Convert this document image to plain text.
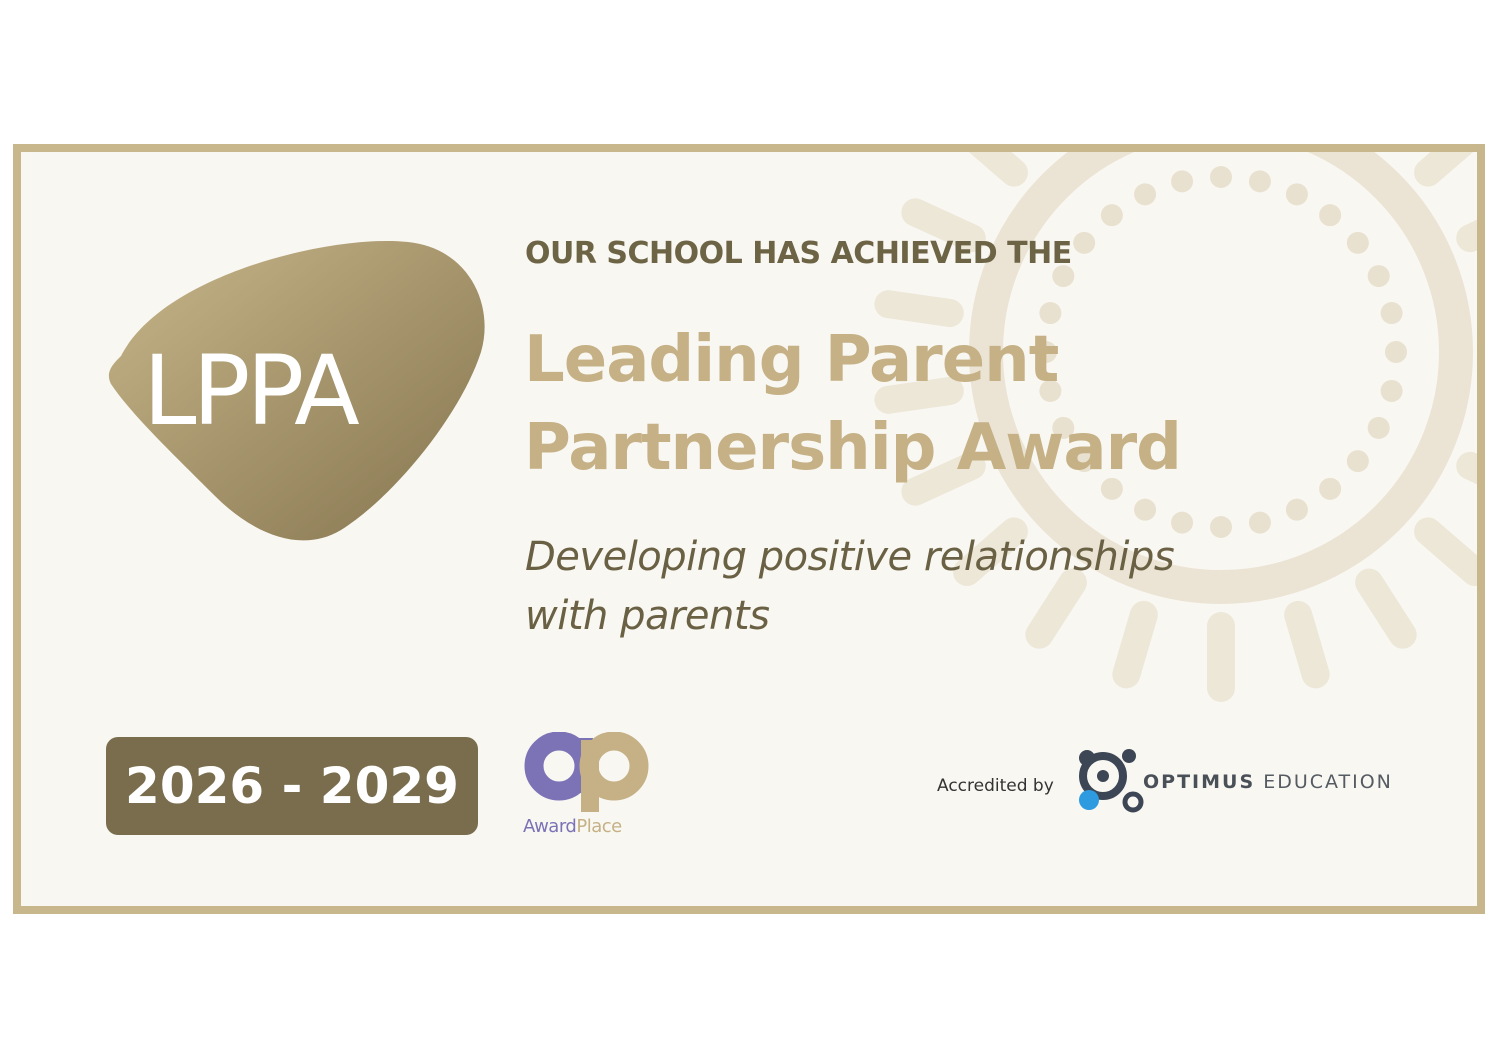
LPPA
OUR SCHOOL HAS ACHIEVED THE
Leading Parent
Partnership Award
Developing positive relationships
with parents
2026 - 2029
ap
AwardPlace
Accredited by	OPTIMUS EDUCATION
